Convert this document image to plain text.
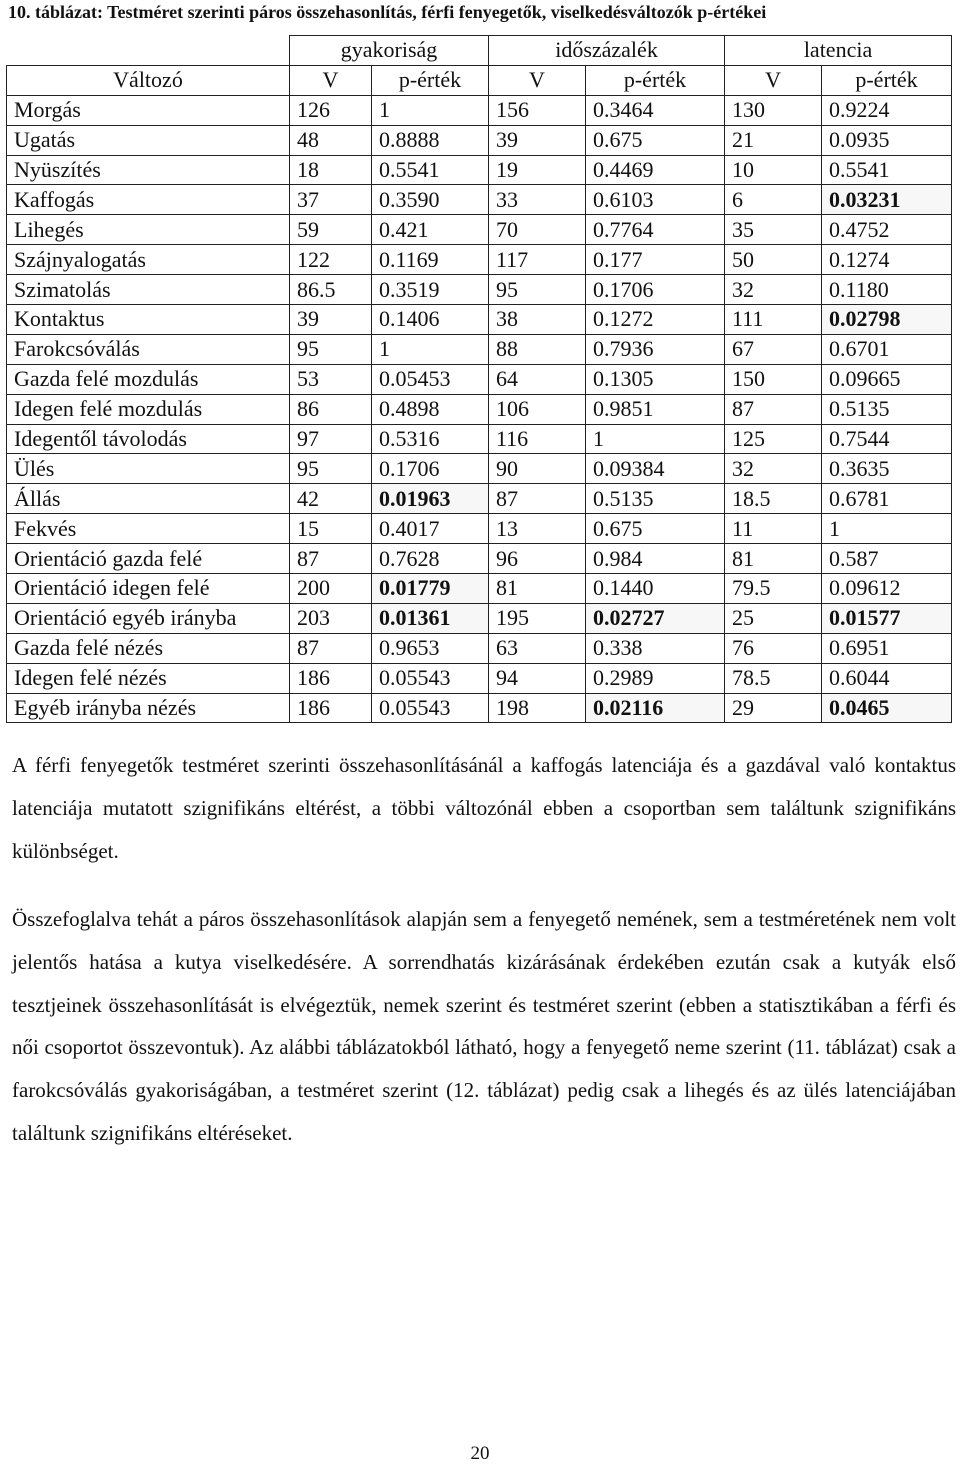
10. táblázat: Testméret szerinti páros összehasonlítás, férfi fenyegetők, viselkedésváltozók p-értékei
	gyakoriság		időszázalék		latencia	
Változó	V	p-érték	V	p-érték	V	p-érték
Morgás	126	1	156	0.3464	130	0.9224
Ugatás	48	0.8888	39	0.675	21	0.0935
Nyüszítés	18	0.5541	19	0.4469	10	0.5541
Kaffogás	37	0.3590	33	0.6103	6	0.03231
Lihegés	59	0.421	70	0.7764	35	0.4752
Szájnyalogatás	122	0.1169	117	0.177	50	0.1274
Szimatolás	86.5	0.3519	95	0.1706	32	0.1180
Kontaktus	39	0.1406	38	0.1272	111	0.02798
Farokcsóválás	95	1	88	0.7936	67	0.6701
Gazda felé mozdulás	53	0.05453	64	0.1305	150	0.09665
Idegen felé mozdulás	86	0.4898	106	0.9851	87	0.5135
Idegentől távolodás	97	0.5316	116	1	125	0.7544
Ülés	95	0.1706	90	0.09384	32	0.3635
Állás	42	0.01963	87	0.5135	18.5	0.6781
Fekvés	15	0.4017	13	0.675	11	1
Orientáció gazda felé	87	0.7628	96	0.984	81	0.587
Orientáció idegen felé	200	0.01779	81	0.1440	79.5	0.09612
Orientáció egyéb irányba	203	0.01361	195	0.02727	25	0.01577
Gazda felé nézés	87	0.9653	63	0.338	76	0.6951
Idegen felé nézés	186	0.05543	94	0.2989	78.5	0.6044
Egyéb irányba nézés	186	0.05543	198	0.02116	29	0.0465

A férfi fenyegetők testméret szerinti összehasonlításánál a kaffogás latenciája és a gazdával való kontaktus latenciája mutatott szignifikáns eltérést, a többi változónál ebben a csoportban sem találtunk szignifikáns különbséget.

Összefoglalva tehát a páros összehasonlítások alapján sem a fenyegető nemének, sem a testméretének nem volt jelentős hatása a kutya viselkedésére. A sorrendhatás kizárásának érdekében ezután csak a kutyák első tesztjeinek összehasonlítását is elvégeztük, nemek szerint és testméret szerint (ebben a statisztikában a férfi és női csoportot összevontuk). Az alábbi táblázatokból látható, hogy a fenyegető neme szerint (11. táblázat) csak a farokcsóválás gyakoriságában, a testméret szerint (12. táblázat) pedig csak a lihegés és az ülés latenciájában találtunk szignifikáns eltéréseket.

20
